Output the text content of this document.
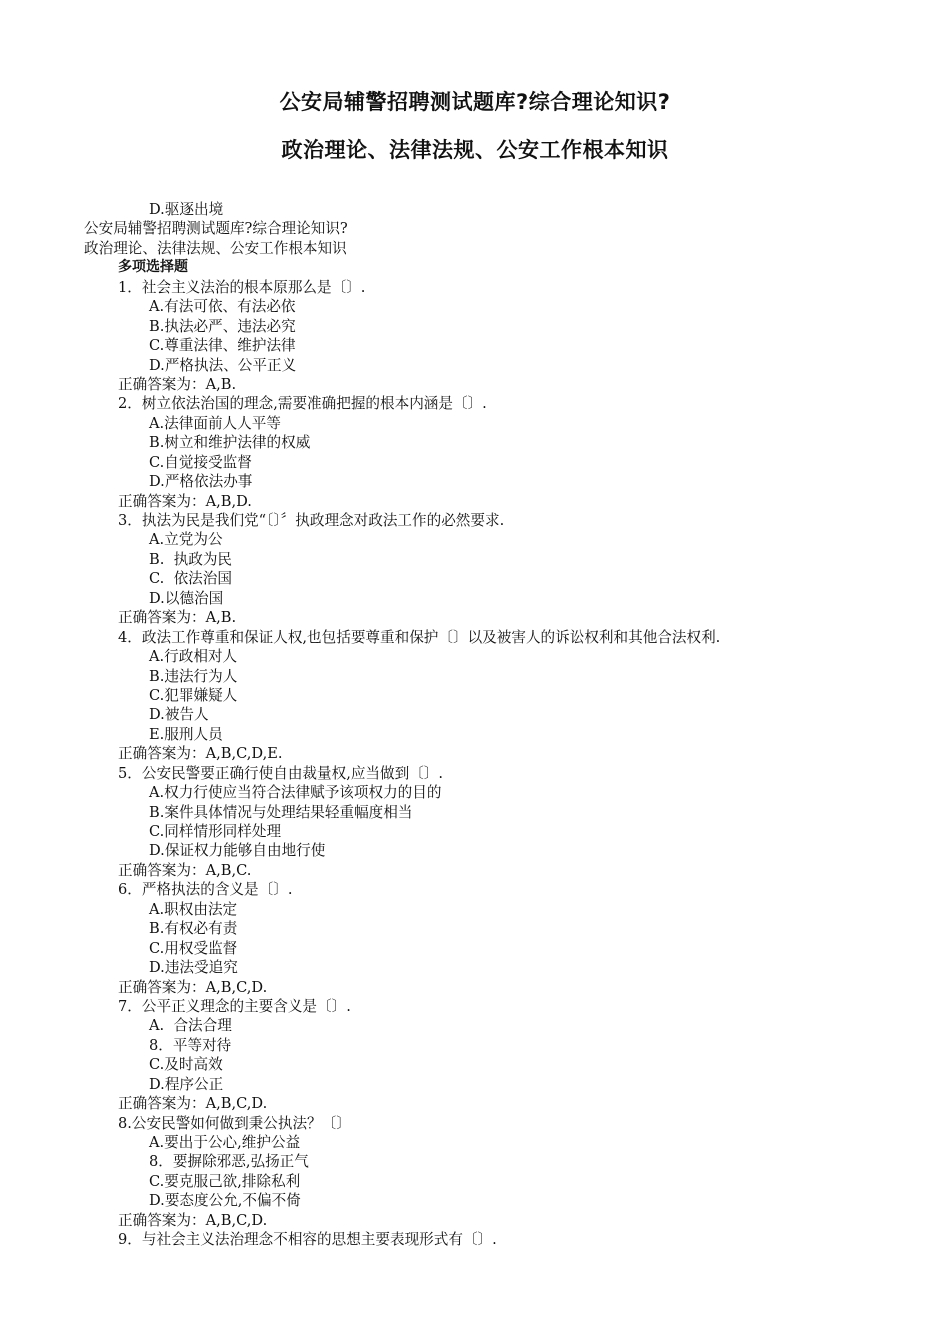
公安局辅警招聘测试题库?综合理论知识?
政治理论、法律法规、公安工作根本知识
D.驱逐出境
公安局辅警招聘测试题库?综合理论知识?
政治理论、法律法规、公安工作根本知识
多项选择题
1．社会主义法治的根本原那么是〔〕.
A.有法可依、有法必依
B.执法必严、违法必究
C.尊重法律、维护法律
D.严格执法、公平正义
正确答案为：A,B.
2．树立依法治国的理念,需要准确把握的根本内涵是〔〕.
A.法律面前人人平等
B.树立和维护法律的权威
C.自觉接受监督
D.严格依法办事
正确答案为：A,B,D.
3．执法为民是我们党“〔〕〞执政理念对政法工作的必然要求.
A.立党为公
B.  执政为民
C.  依法治国
D.以德治国
正确答案为：A,B.
4．政法工作尊重和保证人权,也包括要尊重和保护〔〕以及被害人的诉讼权利和其他合法权利.
A.行政相对人
B.违法行为人
C.犯罪嫌疑人
D.被告人
E.服刑人员
正确答案为：A,B,C,D,E.
5．公安民警要正确行使自由裁量权,应当做到〔〕.
A.权力行使应当符合法律赋予该项权力的目的
B.案件具体情况与处理结果轻重幅度相当
C.同样情形同样处理
D.保证权力能够自由地行使
正确答案为：A,B,C.
6．严格执法的含义是〔〕.
A.职权由法定
B.有权必有责
C.用权受监督
D.违法受追究
正确答案为：A,B,C,D.
7．公平正义理念的主要含义是〔〕.
A.  合法合理
8．平等对待
C.及时高效
D.程序公正
正确答案为：A,B,C,D.
8.公安民警如何做到秉公执法？〔〕
A.要出于公心,维护公益
8．要摒除邪恶,弘扬正气
C.要克服己欲,排除私利
D.要态度公允,不偏不倚
正确答案为：A,B,C,D.
9．与社会主义法治理念不相容的思想主要表现形式有〔〕.
